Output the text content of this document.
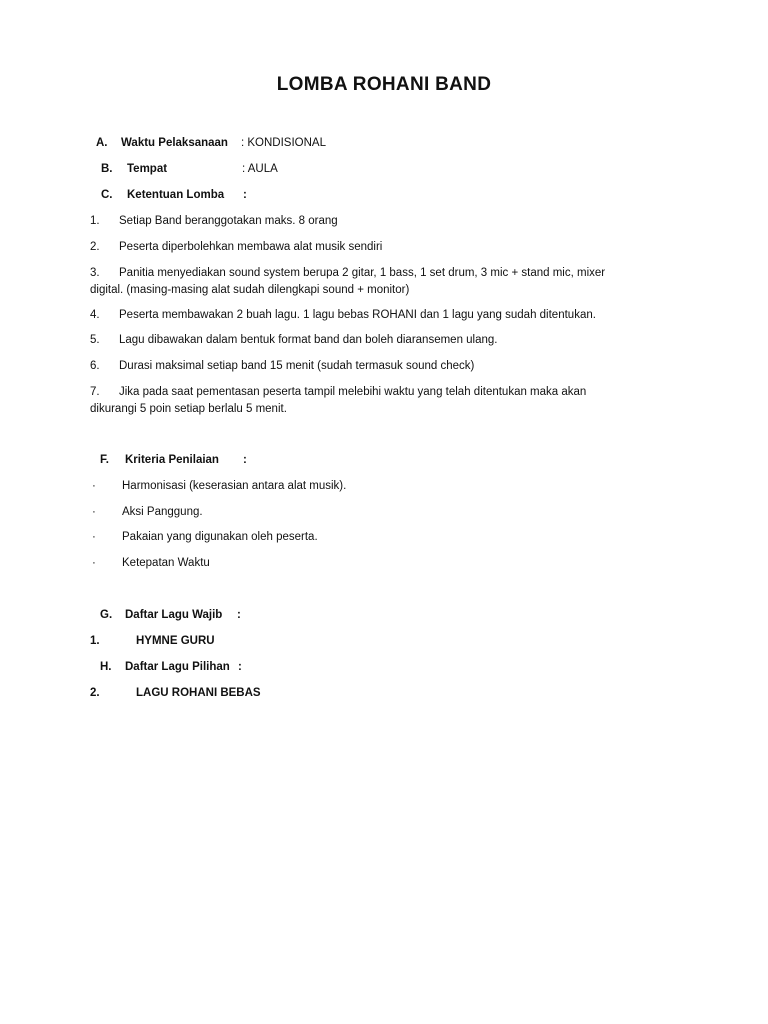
LOMBA ROHANI BAND
A. Waktu Pelaksanaan : KONDISIONAL
B. Tempat	: AULA
C. Ketentuan Lomba :
1. Setіap Band beranggotakan maks. 8 orang
2. Peserta diperbolehkan membawa alat musik sendiri
3. Panitіa menyediakan sound system berupa 2 gitar, 1 bass, 1 set drum, 3 mic + stand mic, mixer
digital. (masing-masing alat sudah dilengkapi sound + monitor)
4. Peserta membawakan 2 buah lagu. 1 lagu bebas ROHANI dan 1 lagu yang sudah ditentukan.
5. Lagu dibawakan dalam bentuk format band dan boleh diaransemen ulang.
6. Durasi maksimal setіap band 15 menit (sudah termasuk sound check)
7. Jika pada saat pementasan peserta tampil melebihi waktu yang telah ditentukan maka akan
dikurangi 5 poin setіap berlalu 5 menit.
F. Kriteria Penilaian :
· Harmonisasi (keserasian antara alat musik).
· Aksi Panggung.
· Pakaian yang digunakan oleh peserta.
· Ketepatan Waktu
G. Daftar Lagu Wajib :
1.	HYMNE GURU
H. Daftar Lagu Pilihan :
2.	LAGU ROHANI BEBAS
